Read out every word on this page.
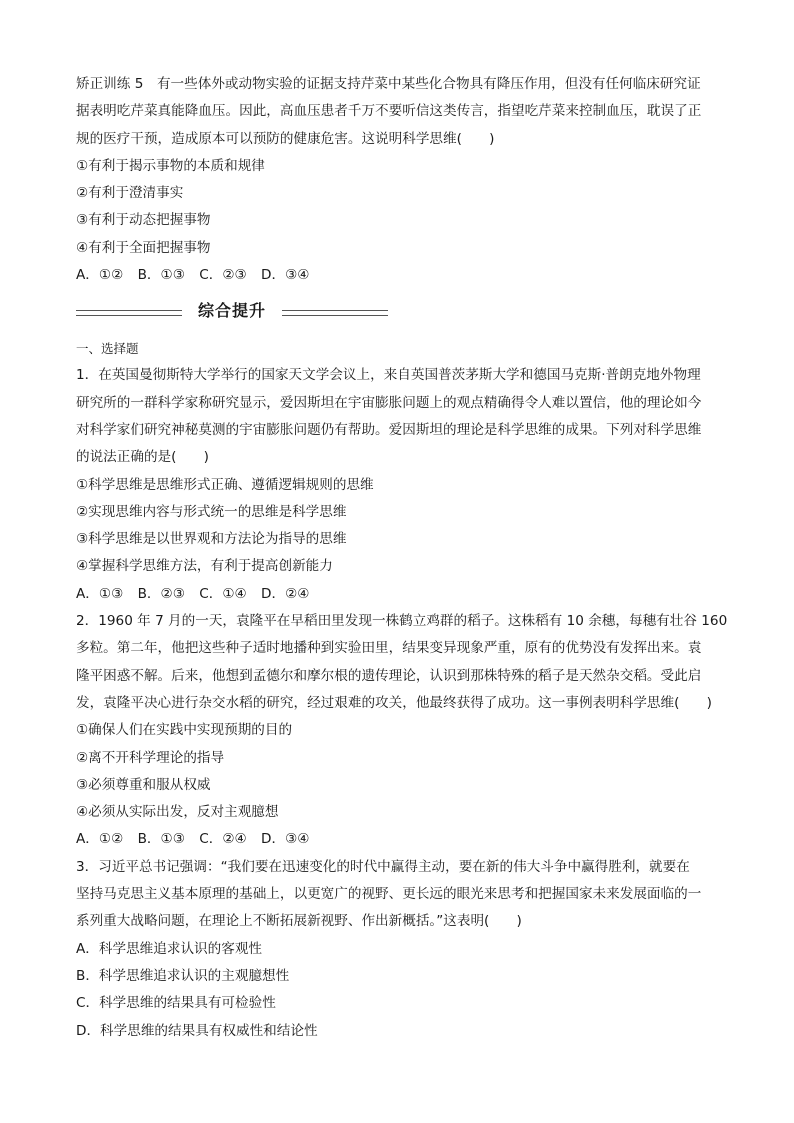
矫正训练 5　有一些体外或动物实验的证据支持芹菜中某些化合物具有降压作用，但没有任何临床研究证
据表明吃芹菜真能降血压。因此，高血压患者千万不要听信这类传言，指望吃芹菜来控制血压，耽误了正
规的医疗干预，造成原本可以预防的健康危害。这说明科学思维(　　)
①有利于揭示事物的本质和规律
②有利于澄清事实
③有利于动态把握事物
④有利于全面把握事物
A．①② B．①③ C．②③ D．③④
综合提升
一、选择题
1．在英国曼彻斯特大学举行的国家天文学会议上，来自英国普茨茅斯大学和德国马克斯·普朗克地外物理
研究所的一群科学家称研究显示，爱因斯坦在宇宙膨胀问题上的观点精确得令人难以置信，他的理论如今
对科学家们研究神秘莫测的宇宙膨胀问题仍有帮助。爱因斯坦的理论是科学思维的成果。下列对科学思维
的说法正确的是(　　)
①科学思维是思维形式正确、遵循逻辑规则的思维
②实现思维内容与形式统一的思维是科学思维
③科学思维是以世界观和方法论为指导的思维
④掌握科学思维方法，有利于提高创新能力
A．①③ B．②③ C．①④ D．②④
2．1960 年 7 月的一天，袁隆平在早稻田里发现一株鹤立鸡群的稻子。这株稻有 10 余穗，每穗有壮谷 160
多粒。第二年，他把这些种子适时地播种到实验田里，结果变异现象严重，原有的优势没有发挥出来。袁
隆平困惑不解。后来，他想到孟德尔和摩尔根的遗传理论，认识到那株特殊的稻子是天然杂交稻。受此启
发，袁隆平决心进行杂交水稻的研究，经过艰难的攻关，他最终获得了成功。这一事例表明科学思维(　　)
①确保人们在实践中实现预期的目的
②离不开科学理论的指导
③必须尊重和服从权威
④必须从实际出发，反对主观臆想
A．①② B．①③ C．②④ D．③④
3．习近平总书记强调：“我们要在迅速变化的时代中赢得主动，要在新的伟大斗争中赢得胜利，就要在
坚持马克思主义基本原理的基础上，以更宽广的视野、更长远的眼光来思考和把握国家未来发展面临的一
系列重大战略问题，在理论上不断拓展新视野、作出新概括。”这表明(　　)
A．科学思维追求认识的客观性
B．科学思维追求认识的主观臆想性
C．科学思维的结果具有可检验性
D．科学思维的结果具有权威性和结论性
